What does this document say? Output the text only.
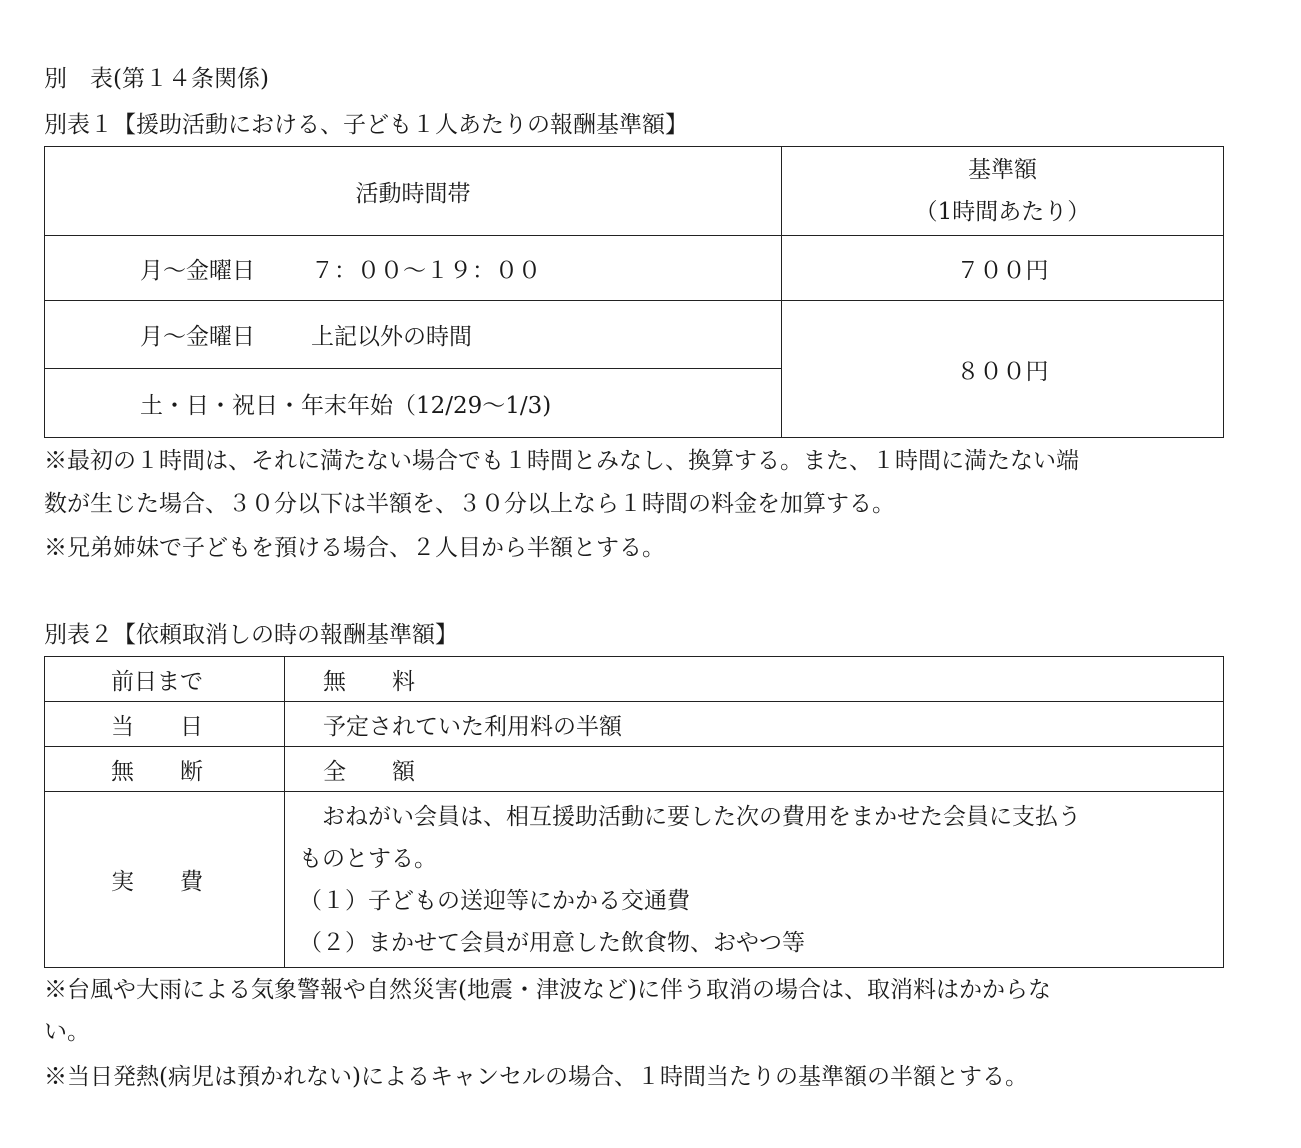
別　表(第１４条関係)
別表１【援助活動における、子ども１人あたりの報酬基準額】
活動時間帯	基準額
（1時間あたり）

月～金曜日 ７：００～１９：００	７００円
月～金曜日 上記以外の時間	８００円
土・日・祝日・年末年始（12/29～1/3)	
※最初の１時間は、それに満たない場合でも１時間とみなし、換算する。また、１時間に満たない端
数が生じた場合、３０分以下は半額を、３０分以上なら１時間の料金を加算する。
※兄弟姉妹で子どもを預ける場合、２人目から半額とする。
別表２【依頼取消しの時の報酬基準額】
前日まで	無　　料
当　　日	予定されていた利用料の半額
無　　断	全　　額
実　　費	　おねがい会員は、相互援助活動に要した次の費用をまかせた会員に支払う
ものとする。
（１）子どもの送迎等にかかる交通費
（２）まかせて会員が用意した飲食物、おやつ等
※台風や大雨による気象警報や自然災害(地震・津波など)に伴う取消の場合は、取消料はかからな
い。
※当日発熱(病児は預かれない)によるキャンセルの場合、１時間当たりの基準額の半額とする。
